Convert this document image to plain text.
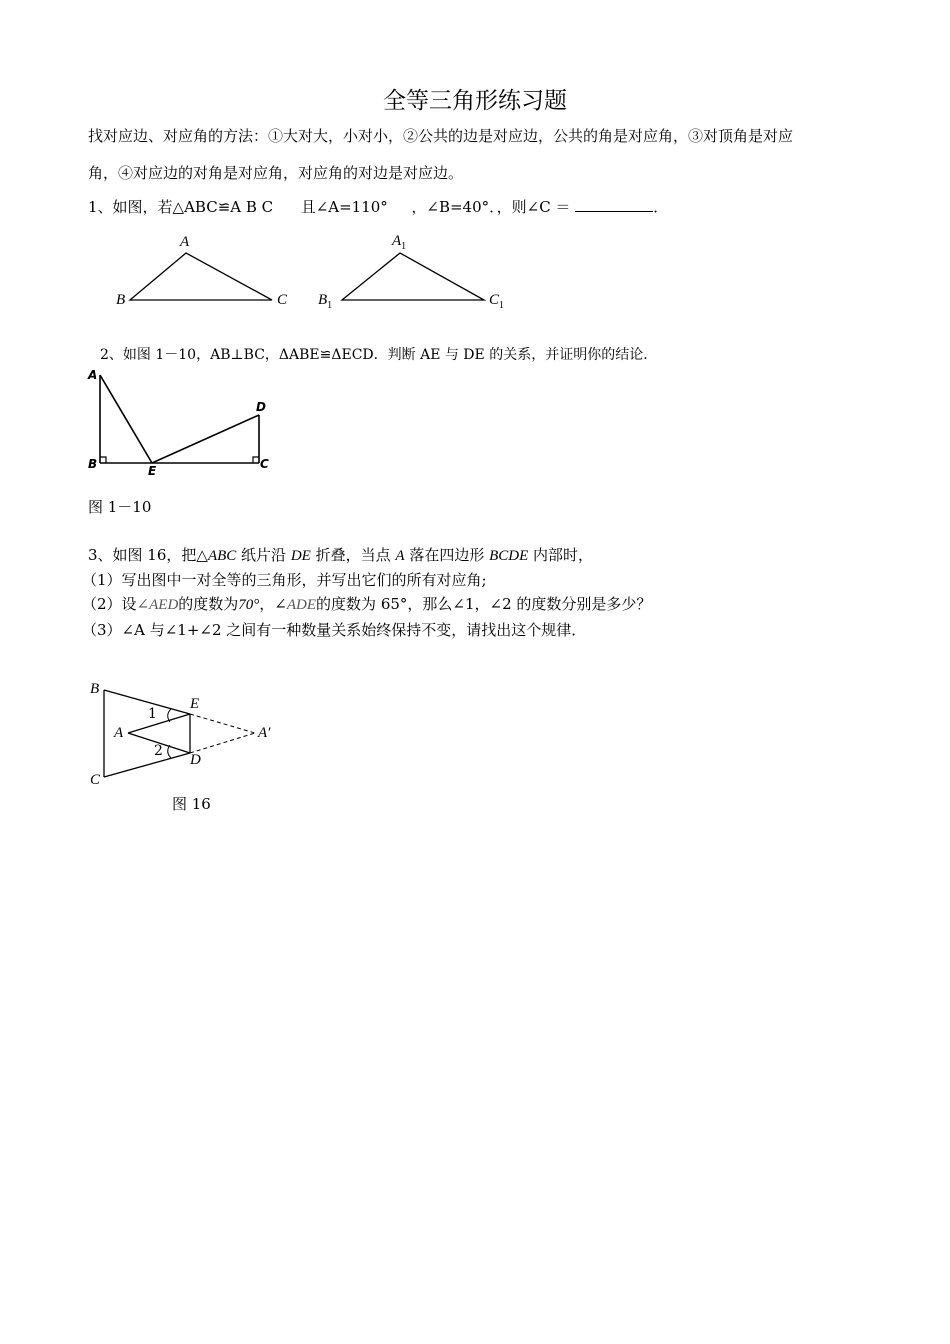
全等三角形练习题
找对应边、对应角的方法：①大对大，小对小，②公共的边是对应边，公共的角是对应角，③对顶角是对应
角，④对应边的对角是对应角，对应角的对边是对应边。
1、如图，若△ABC≌A B C 且∠A=110° ，∠B=40°．，则∠C ＝	．
A
B	C
$A_1$
$B_1$	$C_1$
2、如图 1－10，AB⊥BC，ΔABE≌ΔECD．判断 AE 与 DE 的关系，并证明你的结论．
A
B	E	C
D
图 1－10
3、如图 16，把△ABC 纸片沿 DE 折叠，当点 A 落在四边形 BCDE 内部时，
（1）写出图中一对全等的三角形，并写出它们的所有对应角;
（2）设∠AED的度数为70°，∠ADE的度数为 65°，那么∠1，∠2 的度数分别是多少？
（3）∠A 与∠1+∠2 之间有一种数量关系始终保持不变，请找出这个规律．
B
C
A
E
D
A′
1
2
图 16
